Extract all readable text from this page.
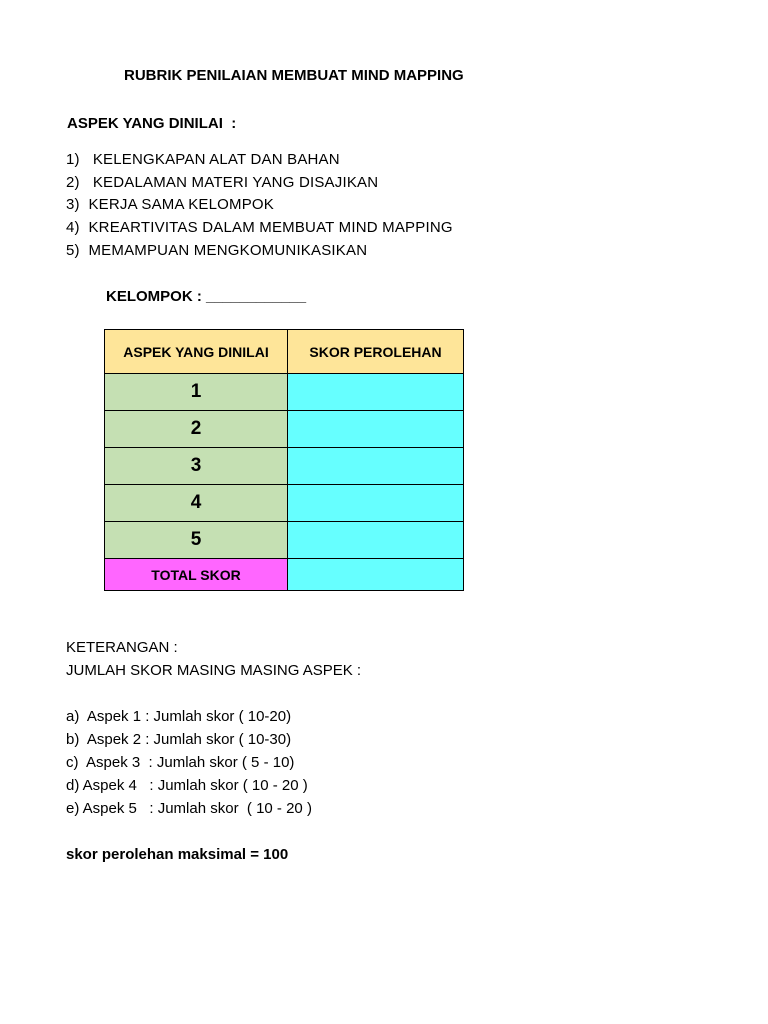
RUBRIK PENILAIAN MEMBUAT MIND MAPPING
ASPEK YANG DINILAI  :
1)   KELENGKAPAN ALAT DAN BAHAN
2)   KEDALAMAN MATERI YANG DISAJIKAN
3)  KERJA SAMA KELOMPOK
4)  KREARTIVITAS DALAM MEMBUAT MIND MAPPING
5)  MEMAMPUAN MENGKOMUNIKASIKAN
KELOMPOK : ____________
ASPEK YANG DINILAI	SKOR PEROLEHAN
1	
2	
3	
4	
5	
TOTAL SKOR	
KETERANGAN :
JUMLAH SKOR MASING MASING ASPEK :
a)  Aspek 1 : Jumlah skor ( 10-20)
b)  Aspek 2 : Jumlah skor ( 10-30)
c)  Aspek 3  : Jumlah skor ( 5 - 10)
d) Aspek 4   : Jumlah skor ( 10 - 20 )
e) Aspek 5   : Jumlah skor  ( 10 - 20 )
skor perolehan maksimal = 100
